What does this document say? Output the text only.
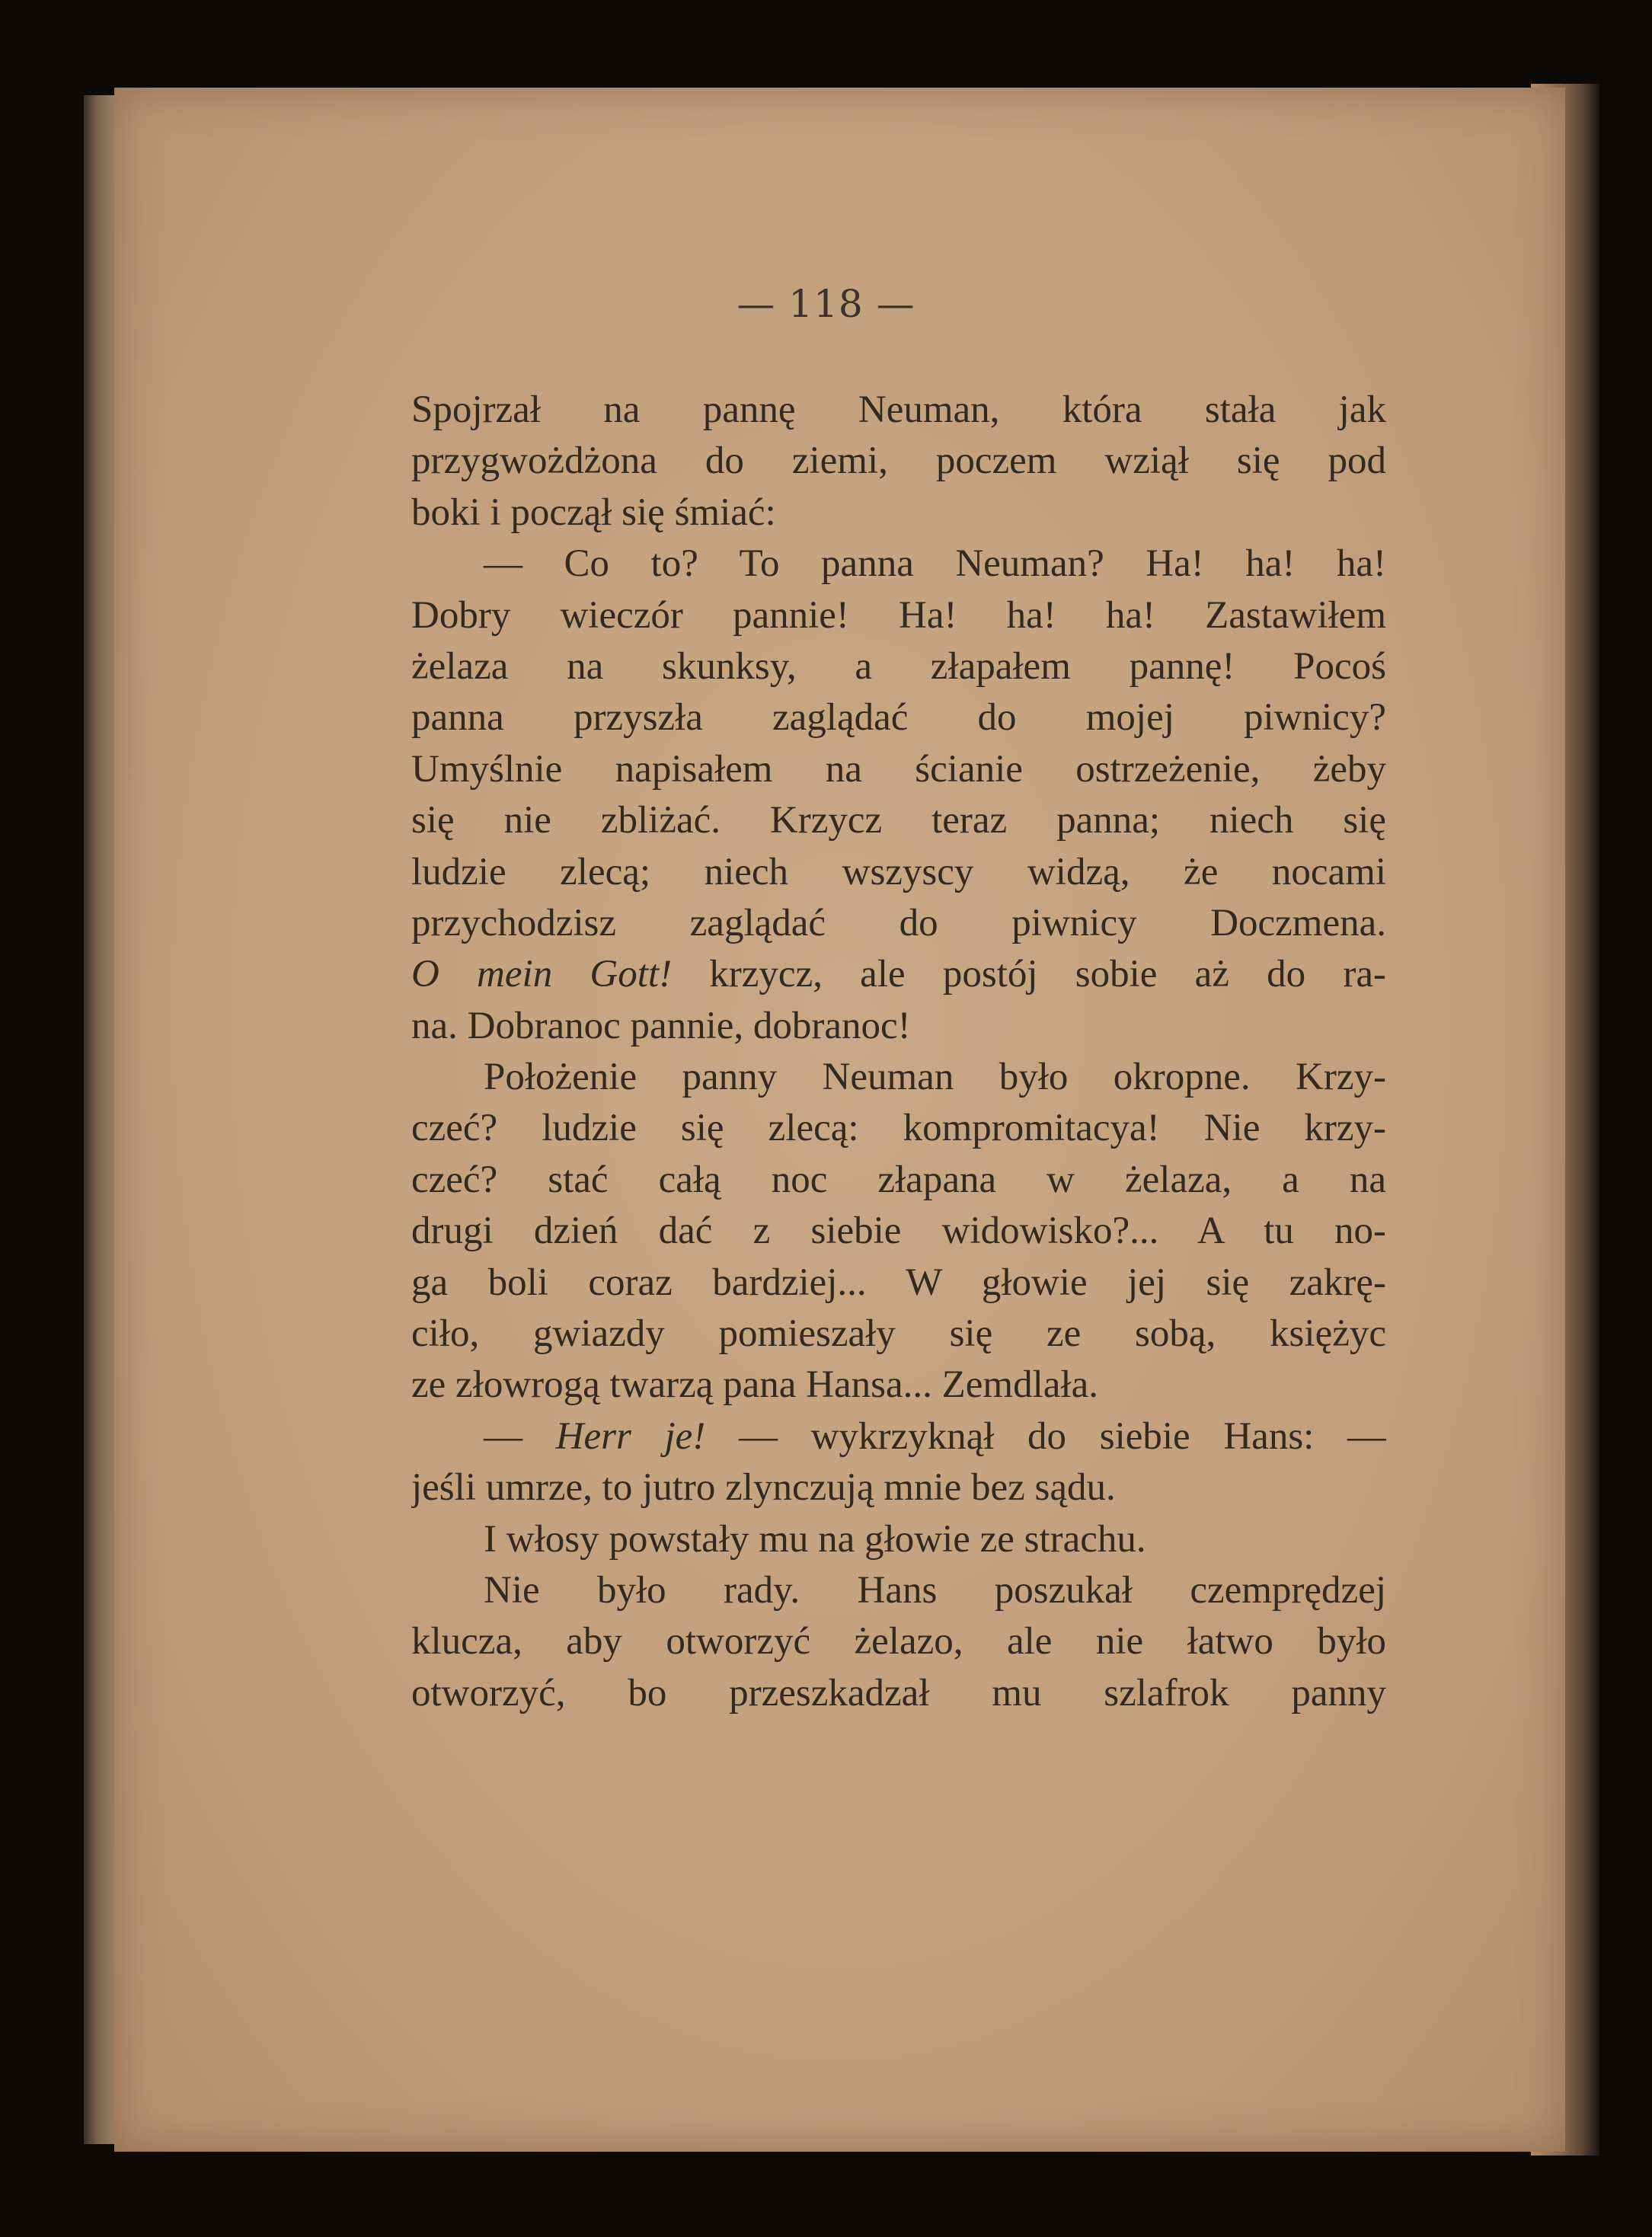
— 118 —
Spojrzał na pannę Neuman, która stała jak
przygwożdżona do ziemi, poczem wziął się pod
boki i począł się śmiać:
— Co to? To panna Neuman? Ha! ha! ha!
Dobry wieczór pannie! Ha! ha! ha! Zastawiłem
żelaza na skunksy, a złapałem pannę! Pocoś
panna przyszła zaglądać do mojej piwnicy?
Umyślnie napisałem na ścianie ostrzeżenie, żeby
się nie zbliżać. Krzycz teraz panna; niech się
ludzie zlecą; niech wszyscy widzą, że nocami
przychodzisz zaglądać do piwnicy Doczmena.
O mein Gott! krzycz, ale postój sobie aż do ra-
na. Dobranoc pannie, dobranoc!
Położenie panny Neuman było okropne. Krzy-
czeć? ludzie się zlecą: kompromitacya! Nie krzy-
czeć? stać całą noc złapana w żelaza, a na
drugi dzień dać z siebie widowisko?... A tu no-
ga boli coraz bardziej... W głowie jej się zakrę-
ciło, gwiazdy pomieszały się ze sobą, księżyc
ze złowrogą twarzą pana Hansa... Zemdlała.
— Herr je! — wykrzyknął do siebie Hans: —
jeśli umrze, to jutro zlynczują mnie bez sądu.
I włosy powstały mu na głowie ze strachu.
Nie było rady. Hans poszukał czemprędzej
klucza, aby otworzyć żelazo, ale nie łatwo było
otworzyć, bo przeszkadzał mu szlafrok panny
